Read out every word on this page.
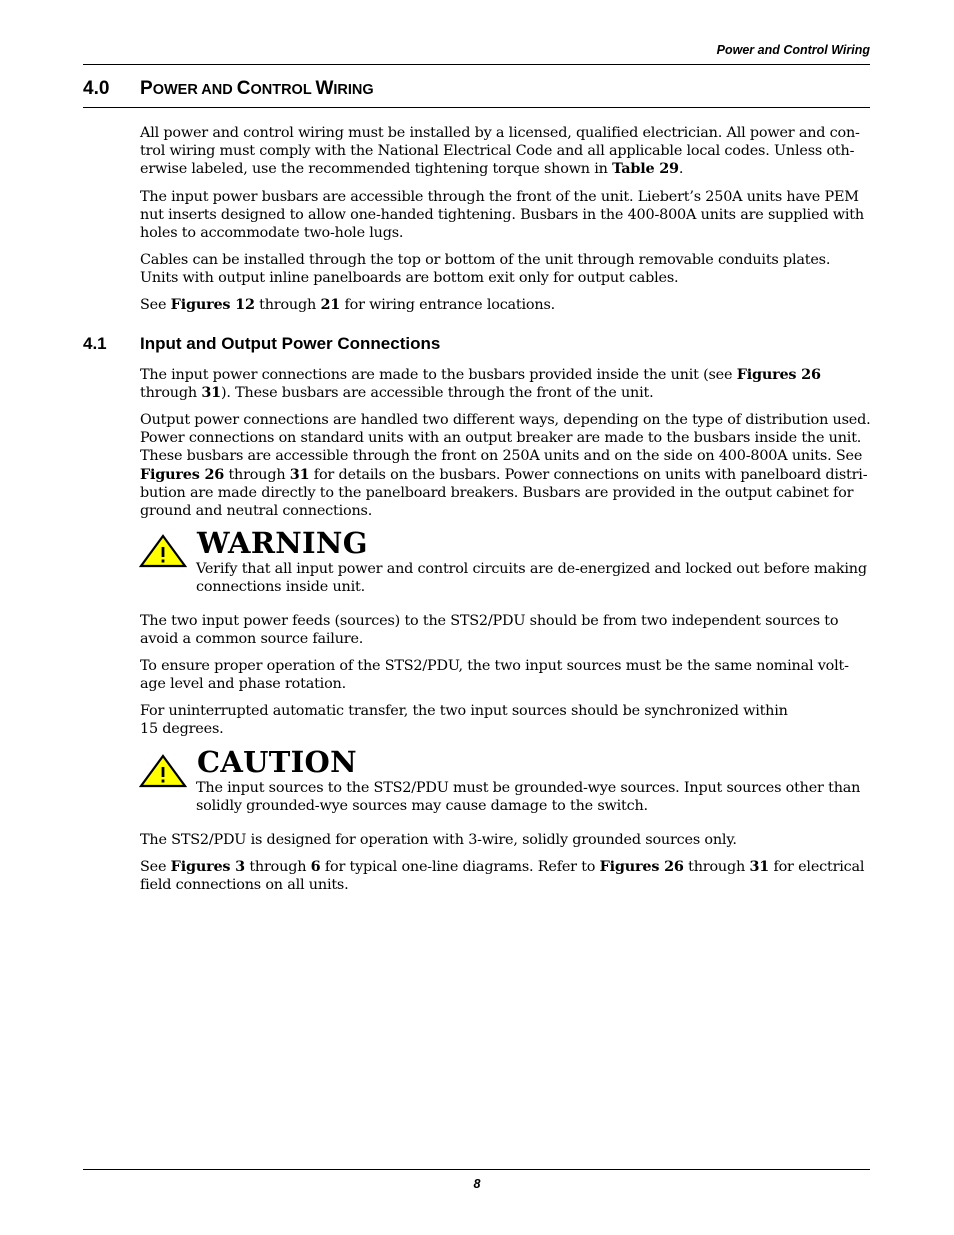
Power and Control Wiring
4.0 POWER AND CONTROL WIRING

All power and control wiring must be installed by a licensed, qualified electrician. All power and con-
trol wiring must comply with the National Electrical Code and all applicable local codes. Unless oth-
erwise labeled, use the recommended tightening torque shown in Table 29.

The input power busbars are accessible through the front of the unit. Liebert’s 250A units have PEM
nut inserts designed to allow one-handed tightening. Busbars in the 400-800A units are supplied with
holes to accommodate two-hole lugs.

Cables can be installed through the top or bottom of the unit through removable conduits plates.
Units with output inline panelboards are bottom exit only for output cables.

See Figures 12 through 21 for wiring entrance locations.

4.1 Input and Output Power Connections

The input power connections are made to the busbars provided inside the unit (see Figures 26
through 31). These busbars are accessible through the front of the unit.

Output power connections are handled two different ways, depending on the type of distribution used.
Power connections on standard units with an output breaker are made to the busbars inside the unit.
These busbars are accessible through the front on 250A units and on the side on 400-800A units. See
Figures 26 through 31 for details on the busbars. Power connections on units with panelboard distri-
bution are made directly to the panelboard breakers. Busbars are provided in the output cabinet for
ground and neutral connections.

WARNING

Verify that all input power and control circuits are de-energized and locked out before making
connections inside unit.

The two input power feeds (sources) to the STS2/PDU should be from two independent sources to
avoid a common source failure.

To ensure proper operation of the STS2/PDU, the two input sources must be the same nominal volt-
age level and phase rotation.

For uninterrupted automatic transfer, the two input sources should be synchronized within
15 degrees.

CAUTION

The input sources to the STS2/PDU must be grounded-wye sources. Input sources other than
solidly grounded-wye sources may cause damage to the switch.

The STS2/PDU is designed for operation with 3-wire, solidly grounded sources only.

See Figures 3 through 6 for typical one-line diagrams. Refer to Figures 26 through 31 for electrical
field connections on all units.

8
